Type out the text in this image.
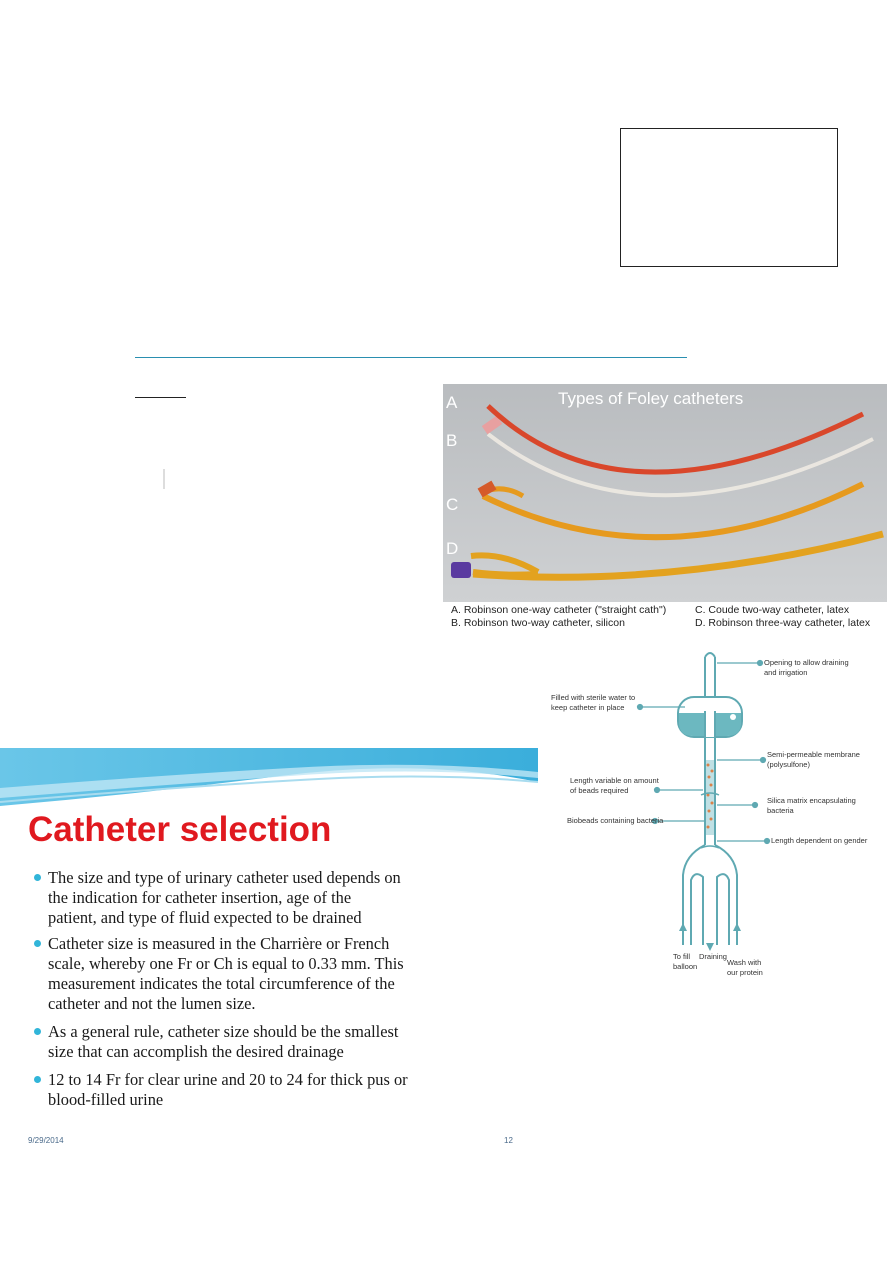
Types of Foley catheters
A
B
C
D
A. Robinson one-way catheter ("straight cath")
B. Robinson two-way catheter, silicon
C. Coude two-way catheter, latex
D. Robinson three-way catheter, latex
Opening to allow draining
and irrigation
Filled with sterile water to
keep catheter in place
Semi-permeable membrane
(polysulfone)
Length variable on amount
of beads required
Silica matrix encapsulating
bacteria
Biobeads containing bacteria
Length dependent on gender
To fill
balloon
Draining
Wash with
our protein
Catheter selection
The size and type of urinary catheter used depends on
the indication for catheter insertion, age of the
patient, and type of fluid expected to be drained
Catheter size is measured in the Charrière or French
scale, whereby one Fr or Ch is equal to 0.33 mm. This
measurement indicates the total circumference of the
catheter and not the lumen size.
As a general rule, catheter size should be the smallest
size that can accomplish the desired drainage
12 to 14 Fr for clear urine and 20 to 24 for thick pus or
blood-filled urine
9/29/2014	12
